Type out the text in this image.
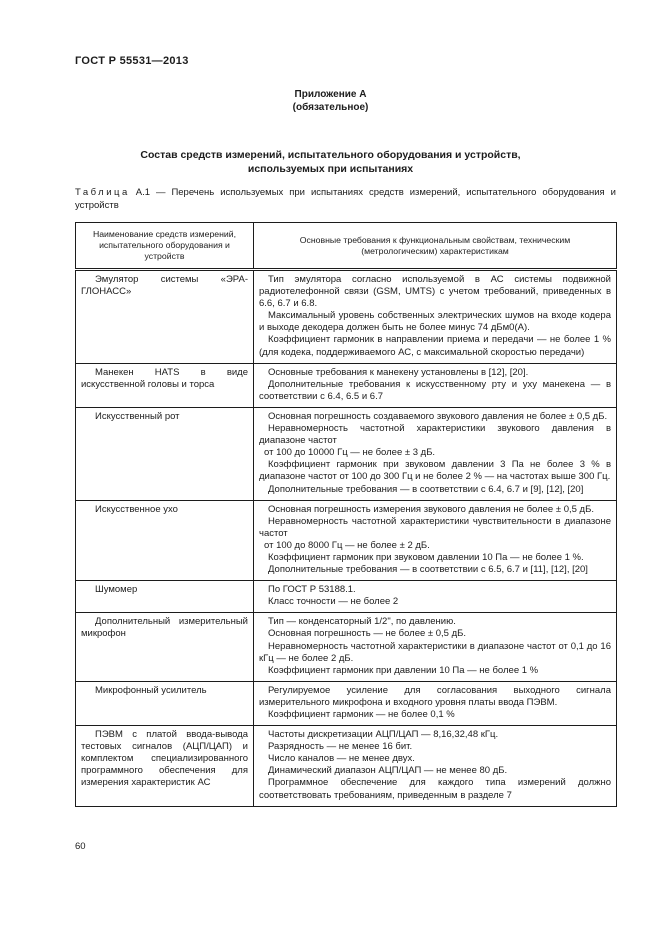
ГОСТ Р 55531—2013
Приложение А
(обязательное)
Состав средств измерений, испытательного оборудования и устройств, используемых при испытаниях
Таблица А.1 — Перечень используемых при испытаниях средств измерений, испытательного оборудования и устройств
Наименование средств измерений, испытательного оборудования и устройств	Основные требования к функциональным свойствам, техническим (метрологическим) характеристикам

Эмулятор системы «ЭРА-ГЛОНАСС»	Тип эмулятора согласно используемой в АС системы подвижной радиотелефонной связи (GSM, UMTS) с учетом требований, приведенных в 6.6, 6.7 и 6.8.

Максимальный уровень собственных электрических шумов на входе кодера и выходе декодера должен быть не более минус 74 дБм0(А).

Коэффициент гармоник в направлении приема и передачи — не более 1 % (для кодека, поддерживаемого АС, с максимальной скоростью передачи)

Манекен HATS в виде искусственной головы и торса	Основные требования к манекену установлены в [12], [20].

Дополнительные требования к искусственному рту и уху манекена — в соответствии с 6.4, 6.5 и 6.7

Искусственный рот	Основная погрешность создаваемого звукового давления не более ± 0,5 дБ.

Неравномерность частотной характеристики звукового давления в диапазоне частот

от 100 до 10000 Гц — не более ± 3 дБ.

Коэффициент гармоник при звуковом давлении 3 Па не более 3 % в диапазоне частот от 100 до 300 Гц и не более 2 % — на частотах выше 300 Гц.

Дополнительные требования — в соответствии с 6.4, 6.7 и [9], [12], [20]

Искусственное ухо	Основная погрешность измерения звукового давления не более ± 0,5 дБ.

Неравномерность частотной характеристики чувствительности в диапазоне частот

от 100 до 8000 Гц — не более ± 2 дБ.

Коэффициент гармоник при звуковом давлении 10 Па — не более 1 %.

Дополнительные требования — в соответствии с 6.5, 6.7 и [11], [12], [20]

Шумомер	По ГОСТ Р 53188.1.

Класс точности — не более 2

Дополнительный измерительный микрофон	Тип — конденсаторный 1/2", по давлению.

Основная погрешность — не более ± 0,5 дБ.

Неравномерность частотной характеристики в диапазоне частот от 0,1 до 16 кГц — не более 2 дБ.

Коэффициент гармоник при давлении 10 Па — не более 1 %

Микрофонный усилитель	Регулируемое усиление для согласования выходного сигнала измерительного микрофона и входного уровня платы ввода ПЭВМ.

Коэффициент гармоник — не более 0,1 %

ПЭВМ с платой ввода-вывода тестовых сигналов (АЦП/ЦАП) и комплектом специализированного программного обеспечения для измерения характеристик АС	Частоты дискретизации АЦП/ЦАП — 8,16,32,48 кГц.

Разрядность — не менее 16 бит.

Число каналов — не менее двух.

Динамический диапазон АЦП/ЦАП — не менее 80 дБ.

Программное обеспечение для каждого типа измерений должно соответствовать требованиям, приведенным в разделе 7

60
